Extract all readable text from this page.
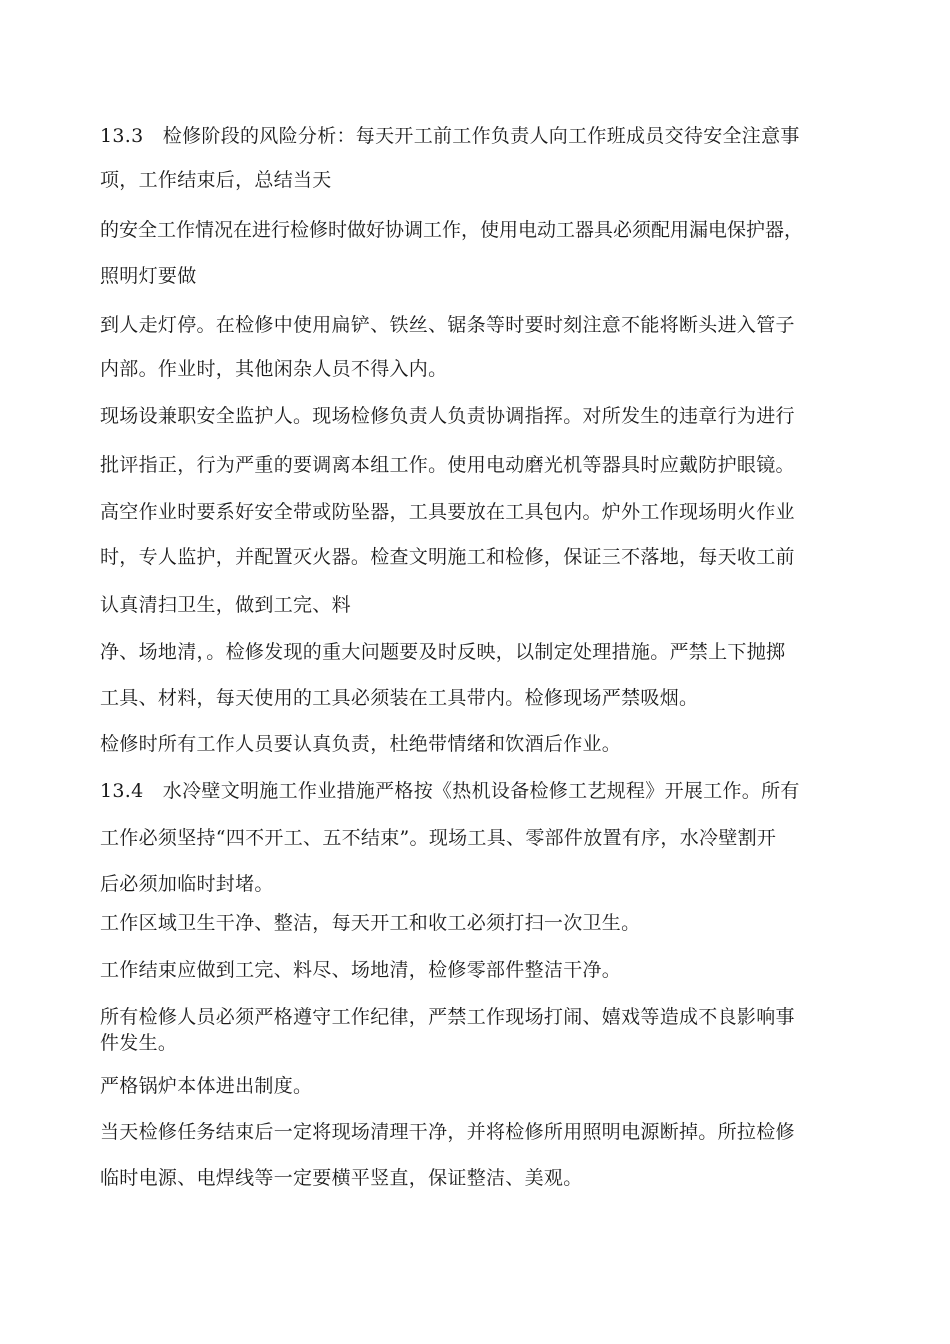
13.3　检修阶段的风险分析：每天开工前工作负责人向工作班成员交待安全注意事
项，工作结束后，总结当天
的安全工作情况在进行检修时做好协调工作，使用电动工器具必须配用漏电保护器，
照明灯要做
到人走灯停。在检修中使用扁铲、铁丝、锯条等时要时刻注意不能将断头进入管子
内部。作业时，其他闲杂人员不得入内。
现场设兼职安全监护人。现场检修负责人负责协调指挥。对所发生的违章行为进行
批评指正，行为严重的要调离本组工作。使用电动磨光机等器具时应戴防护眼镜。
高空作业时要系好安全带或防坠器，工具要放在工具包内。炉外工作现场明火作业
时，专人监护，并配置灭火器。检查文明施工和检修，保证三不落地，每天收工前
认真清扫卫生，做到工完、料
净、场地清，。检修发现的重大问题要及时反映，以制定处理措施。严禁上下抛掷
工具、材料，每天使用的工具必须装在工具带内。检修现场严禁吸烟。
检修时所有工作人员要认真负责，杜绝带情绪和饮酒后作业。
13.4　水冷壁文明施工作业措施严格按《热机设备检修工艺规程》开展工作。所有
工作必须坚持“四不开工、五不结束”。现场工具、零部件放置有序，水冷壁割开
后必须加临时封堵。
工作区域卫生干净、整洁，每天开工和收工必须打扫一次卫生。
工作结束应做到工完、料尽、场地清，检修零部件整洁干净。
所有检修人员必须严格遵守工作纪律，严禁工作现场打闹、嬉戏等造成不良影响事
件发生。
严格锅炉本体进出制度。
当天检修任务结束后一定将现场清理干净，并将检修所用照明电源断掉。所拉检修
临时电源、电焊线等一定要横平竖直，保证整洁、美观。
